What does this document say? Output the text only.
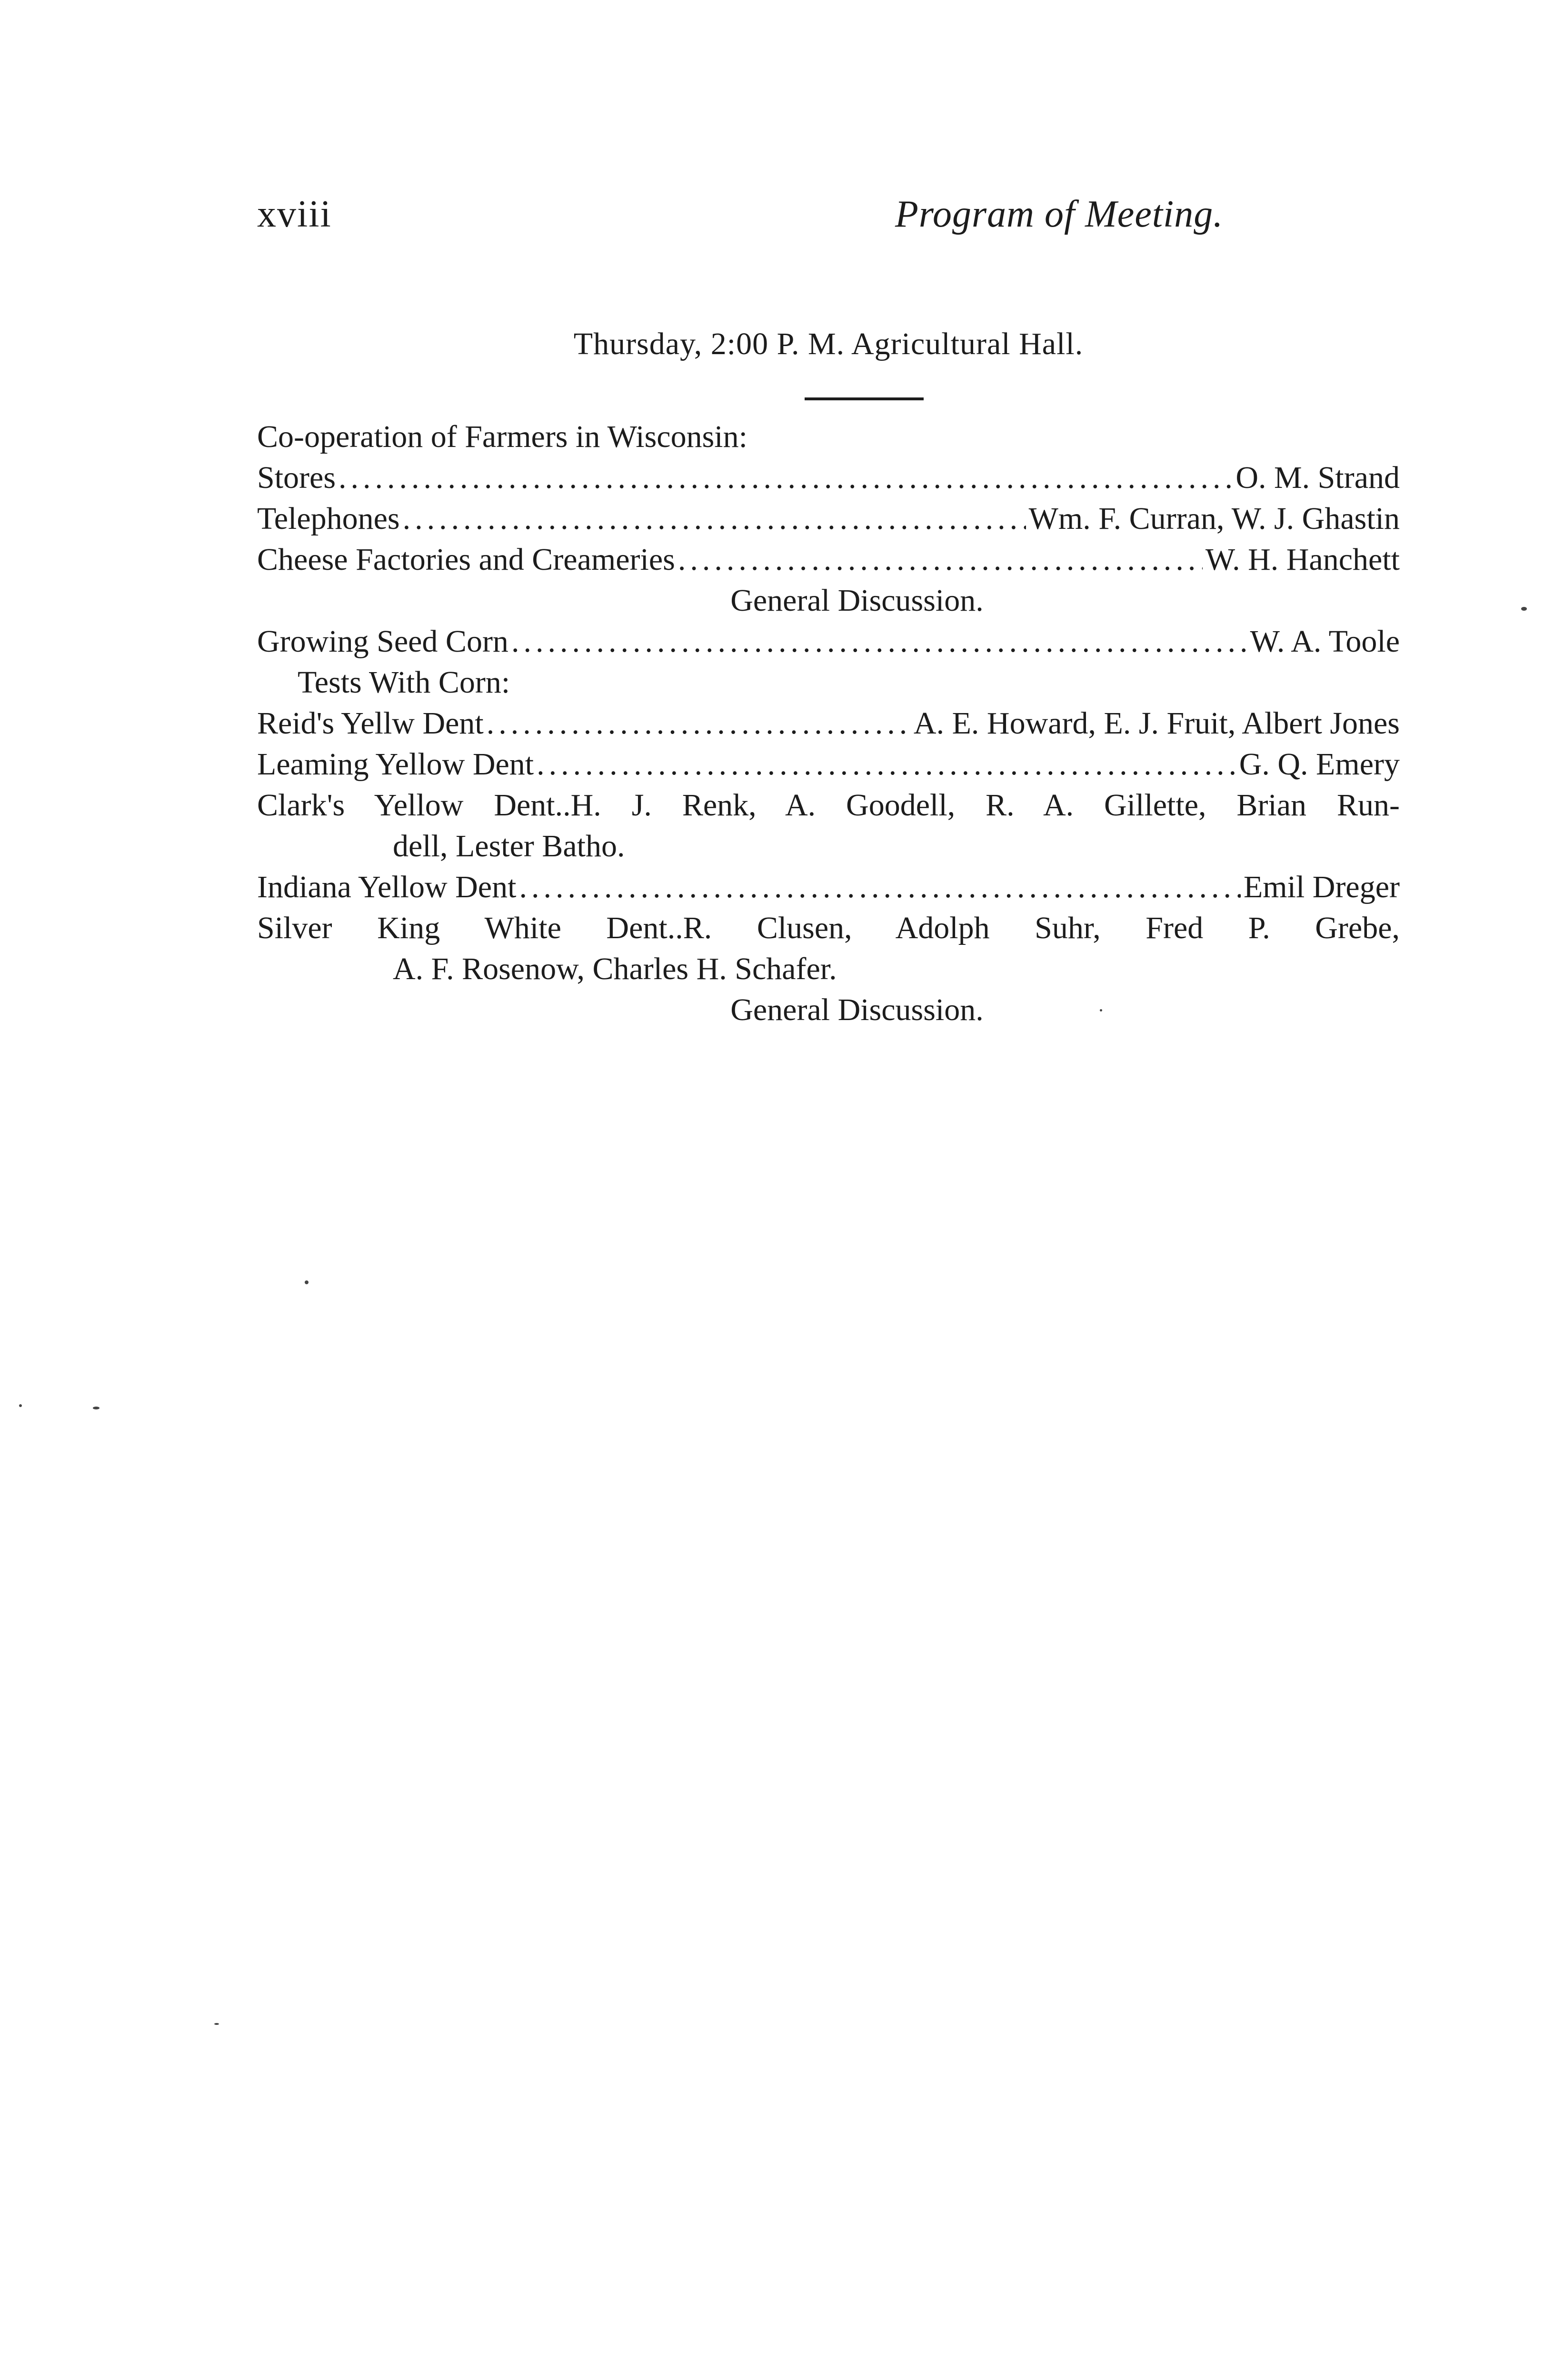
xviii	Program of Meeting.
Thursday, 2:00 P. M. Agricultural Hall.
Co-operation of Farmers in Wisconsin:
Stores .....	O. M. Strand
Telephones .....	Wm. F. Curran, W. J. Ghastin
Cheese Factories and Creameries .....	W. H. Hanchett
General Discussion.
Growing Seed Corn .....	W. A. Toole
Tests With Corn:
Reid's Yellw Dent .....	A. E. Howard, E. J. Fruit, Albert Jones
Leaming Yellow Dent .....	G. Q. Emery
Clark's Yellow Dent..H. J. Renk, A. Goodell, R. A. Gillette, Brian Run-
dell, Lester Batho.
Indiana Yellow Dent .....	Emil Dreger
Silver King White Dent..R. Clusen, Adolph Suhr, Fred P. Grebe,
A. F. Rosenow, Charles H. Schafer.
General Discussion.
